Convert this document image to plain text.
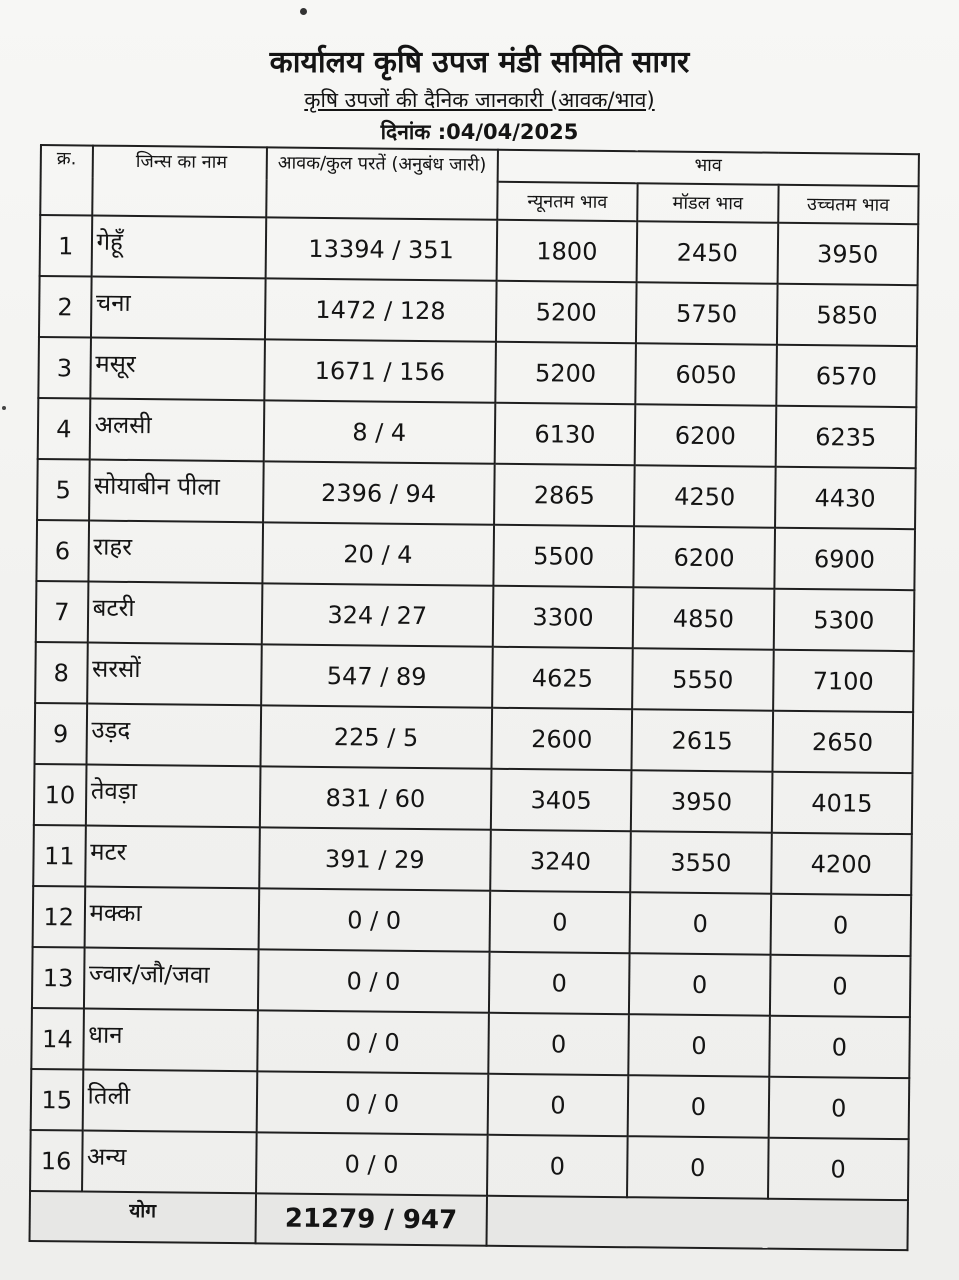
कार्यालय कृषि उपज मंडी समिति सागर
कृषि उपजों की दैनिक जानकारी (आवक/भाव)
दिनांक :04/04/2025
क्र.	जिन्स का नाम	आवक/कुल परतें (अनुबंध जारी)	भाव		
			न्यूनतम भाव	मॉडल भाव	उच्चतम भाव
1	गेहूँ	13394 / 351	1800	2450	3950
2	चना	1472 / 128	5200	5750	5850
3	मसूर	1671 / 156	5200	6050	6570
4	अलसी	8 / 4	6130	6200	6235
5	सोयाबीन पीला	2396 / 94	2865	4250	4430
6	राहर	20 / 4	5500	6200	6900
7	बटरी	324 / 27	3300	4850	5300
8	सरसों	547 / 89	4625	5550	7100
9	उड़द	225 / 5	2600	2615	2650
10	तेवड़ा	831 / 60	3405	3950	4015
11	मटर	391 / 29	3240	3550	4200
12	मक्का	0 / 0	0	0	0
13	ज्वार/जौ/जवा	0 / 0	0	0	0
14	धान	0 / 0	0	0	0
15	तिली	0 / 0	0	0	0
16	अन्य	0 / 0	0	0	0
योग		21279 / 947			
